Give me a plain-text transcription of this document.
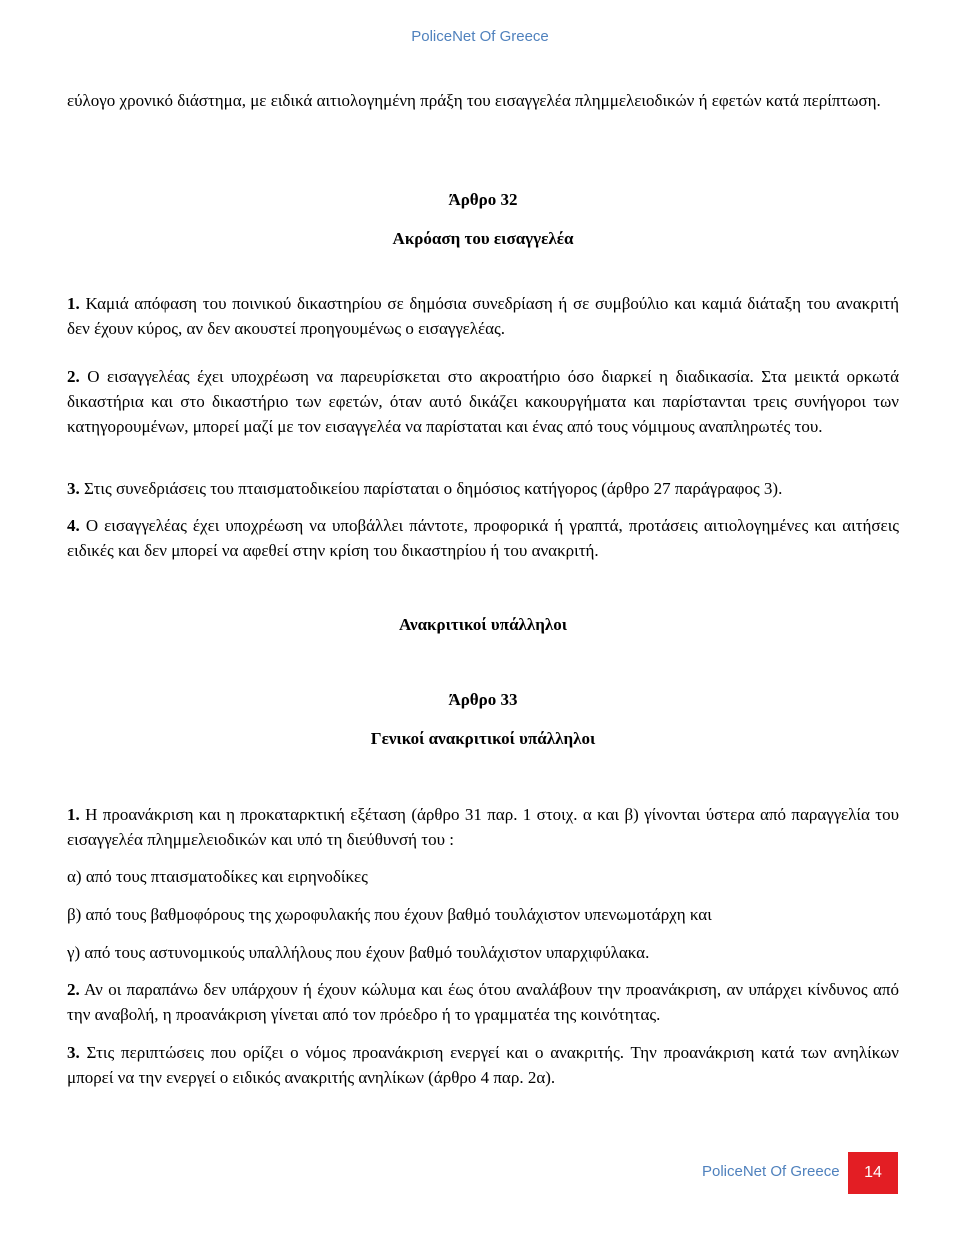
PoliceNet Of Greece

εύλογο χρονικό διάστημα, με ειδικά αιτιολογημένη πράξη του εισαγγελέα πλημμελειοδικών ή εφετών κατά περίπτωση.

Άρθρο 32

Ακρόαση του εισαγγελέα

1. Καμιά απόφαση του ποινικού δικαστηρίου σε δημόσια συνεδρίαση ή σε συμβούλιο και καμιά διάταξη του ανακριτή δεν έχουν κύρος, αν δεν ακουστεί προηγουμένως ο εισαγγελέας.

2. Ο εισαγγελέας έχει υποχρέωση να παρευρίσκεται στο ακροατήριο όσο διαρκεί η διαδικασία. Στα μεικτά ορκωτά δικαστήρια και στο δικαστήριο των εφετών, όταν αυτό δικάζει κακουργήματα και παρίστανται τρεις συνήγοροι των κατηγορουμένων, μπορεί μαζί με τον εισαγγελέα να παρίσταται και ένας από τους νόμιμους αναπληρωτές του.

3. Στις συνεδριάσεις του πταισματοδικείου παρίσταται ο δημόσιος κατήγορος (άρθρο 27 παράγραφος 3).

4. Ο εισαγγελέας έχει υποχρέωση να υποβάλλει πάντοτε, προφορικά ή γραπτά, προτάσεις αιτιολογημένες και αιτήσεις ειδικές και δεν μπορεί να αφεθεί στην κρίση του δικαστηρίου ή του ανακριτή.

Ανακριτικοί υπάλληλοι

Άρθρο 33

Γενικοί ανακριτικοί υπάλληλοι

1. Η προανάκριση και η προκαταρκτική εξέταση (άρθρο 31 παρ. 1 στοιχ. α και β) γίνονται ύστερα από παραγγελία του εισαγγελέα πλημμελειοδικών και υπό τη διεύθυνσή του :

α) από τους πταισματοδίκες και ειρηνοδίκες

β) από τους βαθμοφόρους της χωροφυλακής που έχουν βαθμό τουλάχιστον υπενωμοτάρχη και

γ) από τους αστυνομικούς υπαλλήλους που έχουν βαθμό τουλάχιστον υπαρχιφύλακα.

2. Αν οι παραπάνω δεν υπάρχουν ή έχουν κώλυμα και έως ότου αναλάβουν την προανάκριση, αν υπάρχει κίνδυνος από την αναβολή, η προανάκριση γίνεται από τον πρόεδρο ή το γραμματέα της κοινότητας.

3. Στις περιπτώσεις που ορίζει ο νόμος προανάκριση ενεργεί και ο ανακριτής. Την προανάκριση κατά των ανηλίκων μπορεί να την ενεργεί ο ειδικός ανακριτής ανηλίκων (άρθρο 4 παρ. 2α).

PoliceNet Of Greece	14
